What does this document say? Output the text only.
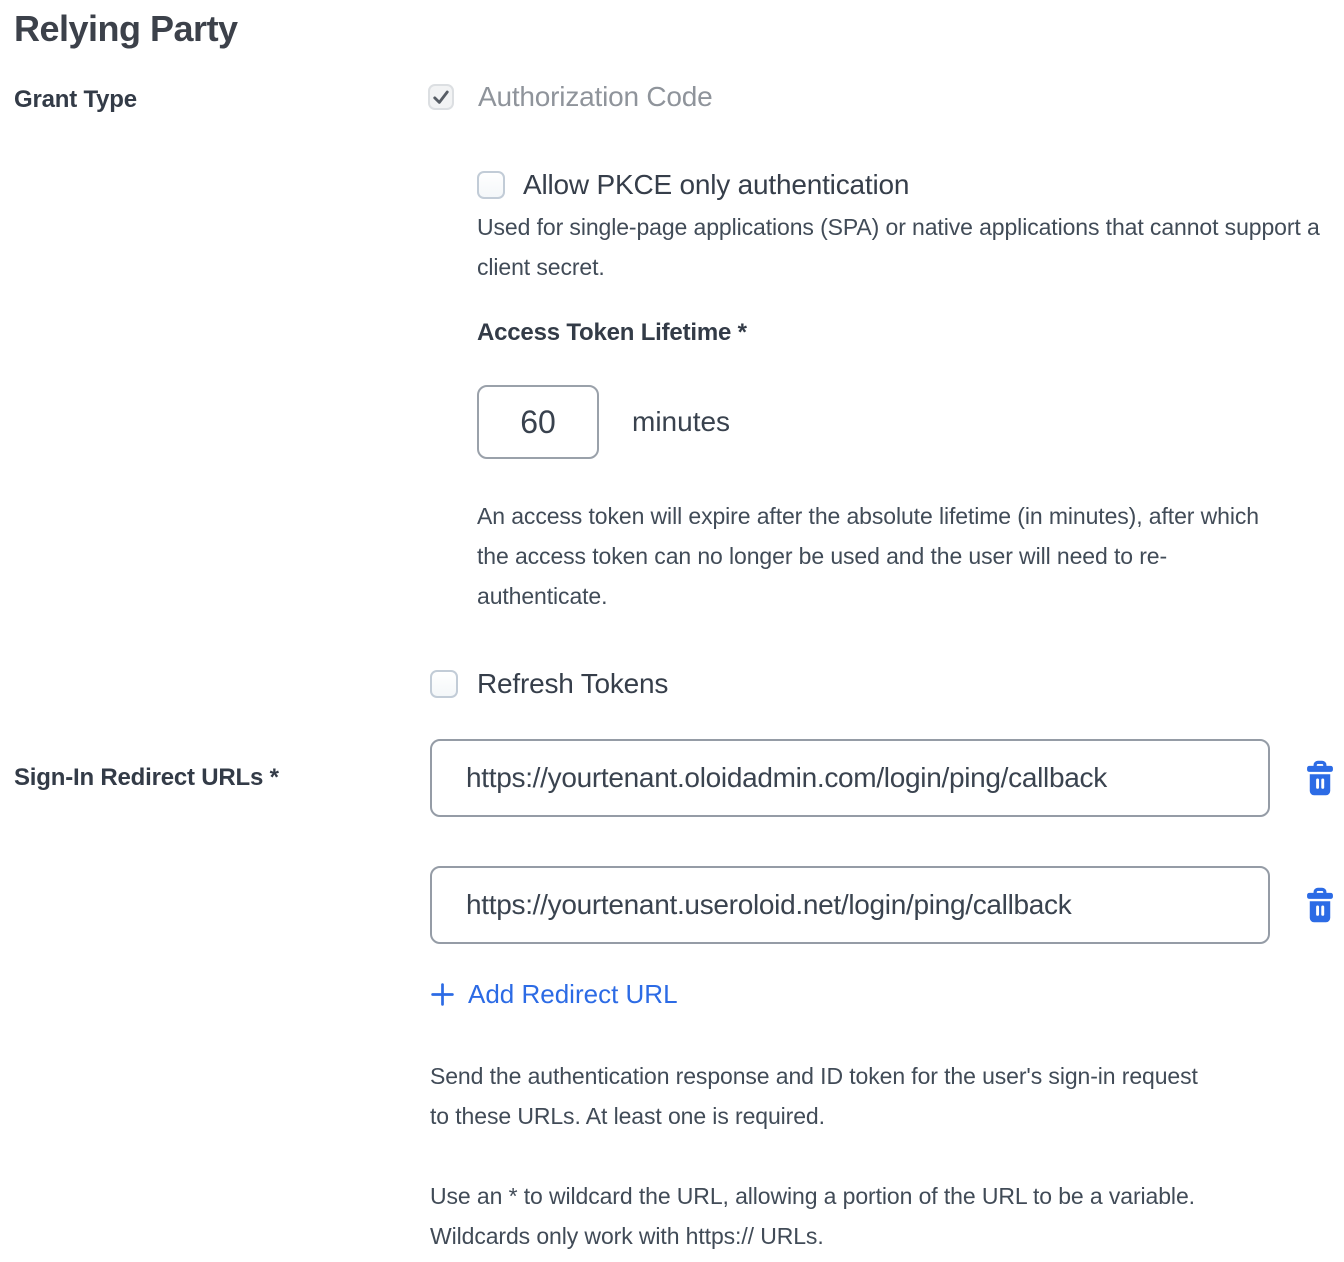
Relying Party
Grant Type	Authorization Code
Allow PKCE only authentication

Used for single-page applications (SPA) or native applications that cannot support a client secret.

Access Token Lifetime *
60
minutes

An access token will expire after the absolute lifetime (in minutes), after which the access token can no longer be used and the user will need to re-authenticate.

Refresh Tokens
Sign-In Redirect URLs *
https://yourtenant.oloidadmin.com/login/ping/callback
https://yourtenant.useroloid.net/login/ping/callback
Add Redirect URL

Send the authentication response and ID token for the user's sign-in request to these URLs. At least one is required.

Use an * to wildcard the URL, allowing a portion of the URL to be a variable. Wildcards only work with https:// URLs.
